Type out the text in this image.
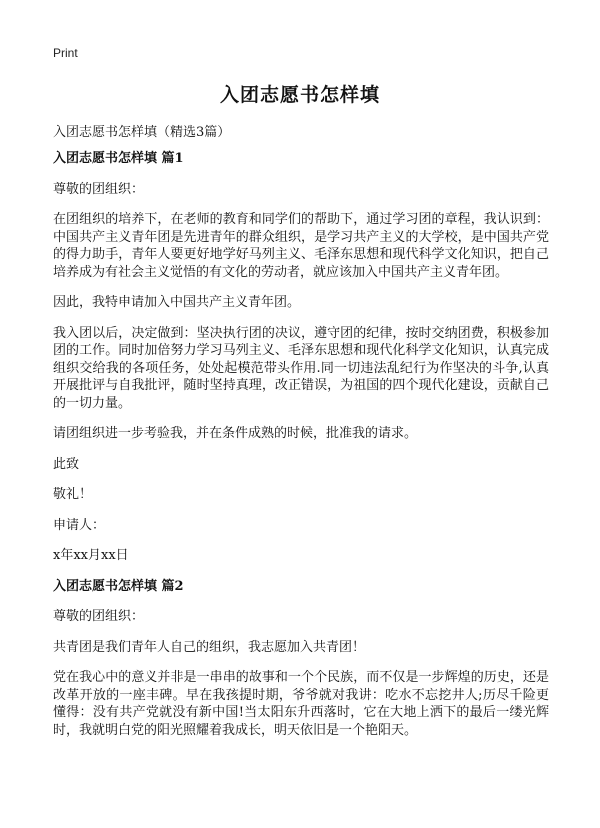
Print
入团志愿书怎样填
入团志愿书怎样填（精选3篇）

入团志愿书怎样填 篇1

尊敬的团组织：

在团组织的培养下，在老师的教育和同学们的帮助下，通过学习团的章程，我认识到：中国共产主义青年团是先进青年的群众组织，是学习共产主义的大学校，是中国共产党的得力助手，青年人要更好地学好马列主义、毛泽东思想和现代科学文化知识，把自己培养成为有社会主义觉悟的有文化的劳动者，就应该加入中国共产主义青年团。

因此，我特申请加入中国共产主义青年团。

我入团以后，决定做到：坚决执行团的决议，遵守团的纪律，按时交纳团费，积极参加团的工作。同时加倍努力学习马列主义、毛泽东思想和现代化科学文化知识，认真完成组织交给我的各项任务，处处起模范带头作用.同一切违法乱纪行为作坚决的斗争,认真开展批评与自我批评，随时坚持真理，改正错误，为祖国的四个现代化建设，贡献自己的一切力量。

请团组织进一步考验我，并在条件成熟的时候，批准我的请求。

此致

敬礼！

申请人：

x年xx月xx日

入团志愿书怎样填 篇2

尊敬的团组织：

共青团是我们青年人自己的组织，我志愿加入共青团！

党在我心中的意义并非是一串串的故事和一个个民族，而不仅是一步辉煌的历史，还是改革开放的一座丰碑。早在我孩提时期，爷爷就对我讲：吃水不忘挖井人;历尽千险更懂得：没有共产党就没有新中国!当太阳东升西落时，它在大地上洒下的最后一缕光辉时，我就明白党的阳光照耀着我成长，明天依旧是一个艳阳天。
